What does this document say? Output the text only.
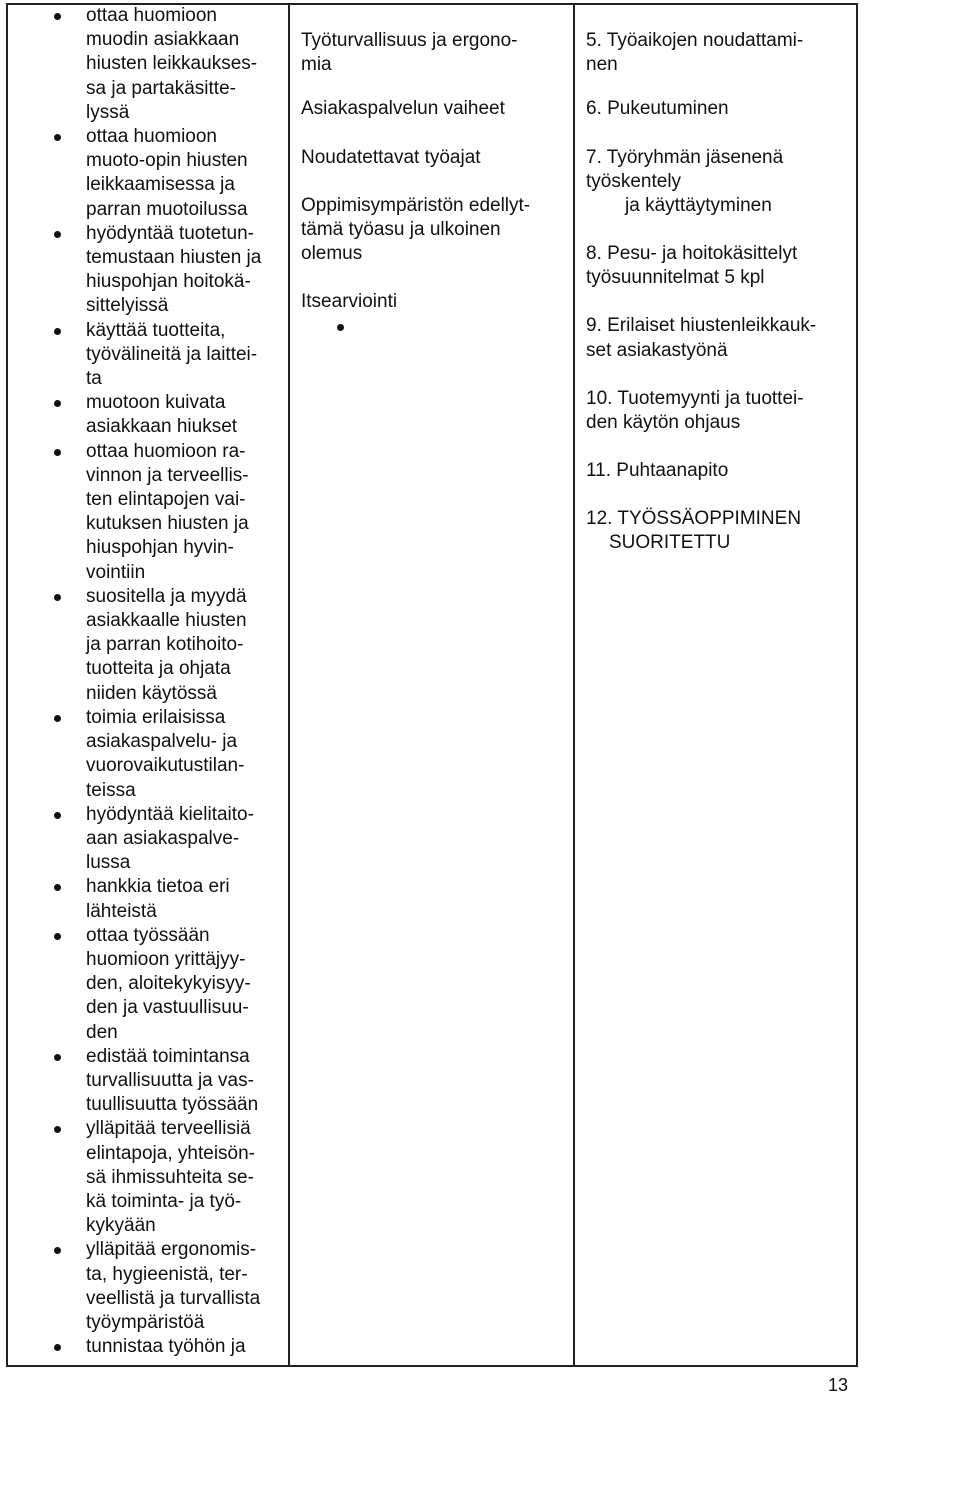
ottaa huomioon
muodin asiakkaan
hiusten leikkaukses-
sa ja partakäsitte-
lyssä
ottaa huomioon
muoto-opin hiusten
leikkaamisessa ja
parran muotoilussa
hyödyntää tuotetun-
temustaan hiusten ja
hiuspohjan hoitokä-
sittelyissä
käyttää tuotteita,
työvälineitä ja laittei-
ta
muotoon kuivata
asiakkaan hiukset
ottaa huomioon ra-
vinnon ja terveellis-
ten elintapojen vai-
kutuksen hiusten ja
hiuspohjan hyvin-
vointiin
suositella ja myydä
asiakkaalle hiusten
ja parran kotihoito-
tuotteita ja ohjata
niiden käytössä
toimia erilaisissa
asiakaspalvelu- ja
vuorovaikutustilan-
teissa
hyödyntää kielitaito-
aan asiakaspalve-
lussa
hankkia tietoa eri
lähteistä
ottaa työssään
huomioon yrittäjyy-
den, aloitekykyisyy-
den ja vastuullisuu-
den
edistää toimintansa
turvallisuutta ja vas-
tuullisuutta työssään
ylläpitää terveellisiä
elintapoja, yhteisön-
sä ihmissuhteita se-
kä toiminta- ja työ-
kykyään
ylläpitää ergonomis-
ta, hygieenistä, ter-
veellistä ja turvallista
työympäristöä
tunnistaa työhön ja
Työturvallisuus ja ergono-
mia
Asiakaspalvelun vaiheet
Noudatettavat työajat
Oppimisympäristön edellyt-
tämä työasu ja ulkoinen
olemus
Itsearviointi
5. Työaikojen noudattami-
nen
6. Pukeutuminen
7. Työryhmän jäsenenä
työskentely
ja käyttäytyminen
8. Pesu- ja hoitokäsittelyt
työsuunnitelmat 5 kpl
9. Erilaiset hiustenleikkauk-
set asiakastyönä
10. Tuotemyynti ja tuottei-
den käytön ohjaus
11. Puhtaanapito
12. TYÖSSÄOPPIMINEN
SUORITETTU
13
